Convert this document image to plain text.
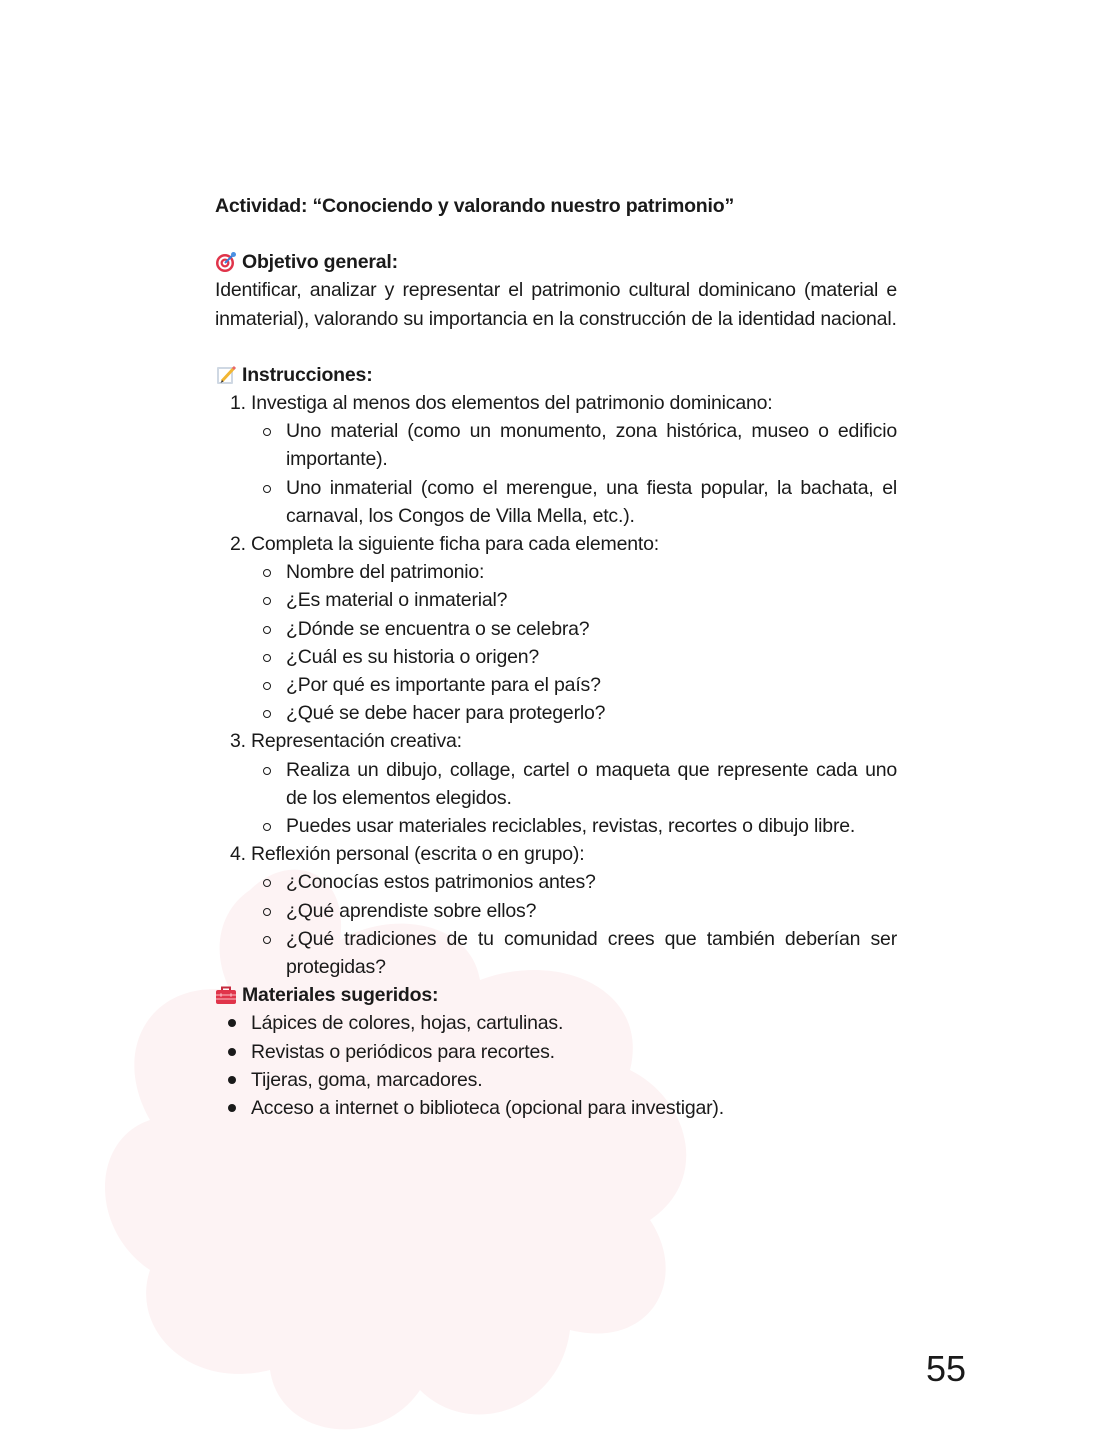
Actividad: “Conociendo y valorando nuestro patrimonio”

Objetivo general:

Identificar, analizar y representar el patrimonio cultural dominicano (material e inmaterial), valorando su importancia en la construcción de la identidad nacional.

Instrucciones:
1. Investiga al menos dos elementos del patrimonio dominicano:
Uno material (como un monumento, zona histórica, museo o edificio importante).
Uno inmaterial (como el merengue, una fiesta popular, la bachata, el carnaval, los Congos de Villa Mella, etc.).
2. Completa la siguiente ficha para cada elemento:
Nombre del patrimonio:
¿Es material o inmaterial?
¿Dónde se encuentra o se celebra?
¿Cuál es su historia o origen?
¿Por qué es importante para el país?
¿Qué se debe hacer para protegerlo?
3. Representación creativa:
Realiza un dibujo, collage, cartel o maqueta que represente cada uno de los elementos elegidos.
Puedes usar materiales reciclables, revistas, recortes o dibujo libre.
4. Reflexión personal (escrita o en grupo):
¿Conocías estos patrimonios antes?
¿Qué aprendiste sobre ellos?
¿Qué tradiciones de tu comunidad crees que también deberían ser protegidas?
Materiales sugeridos:
Lápices de colores, hojas, cartulinas.
Revistas o periódicos para recortes.
Tijeras, goma, marcadores.
Acceso a internet o biblioteca (opcional para investigar).
55
